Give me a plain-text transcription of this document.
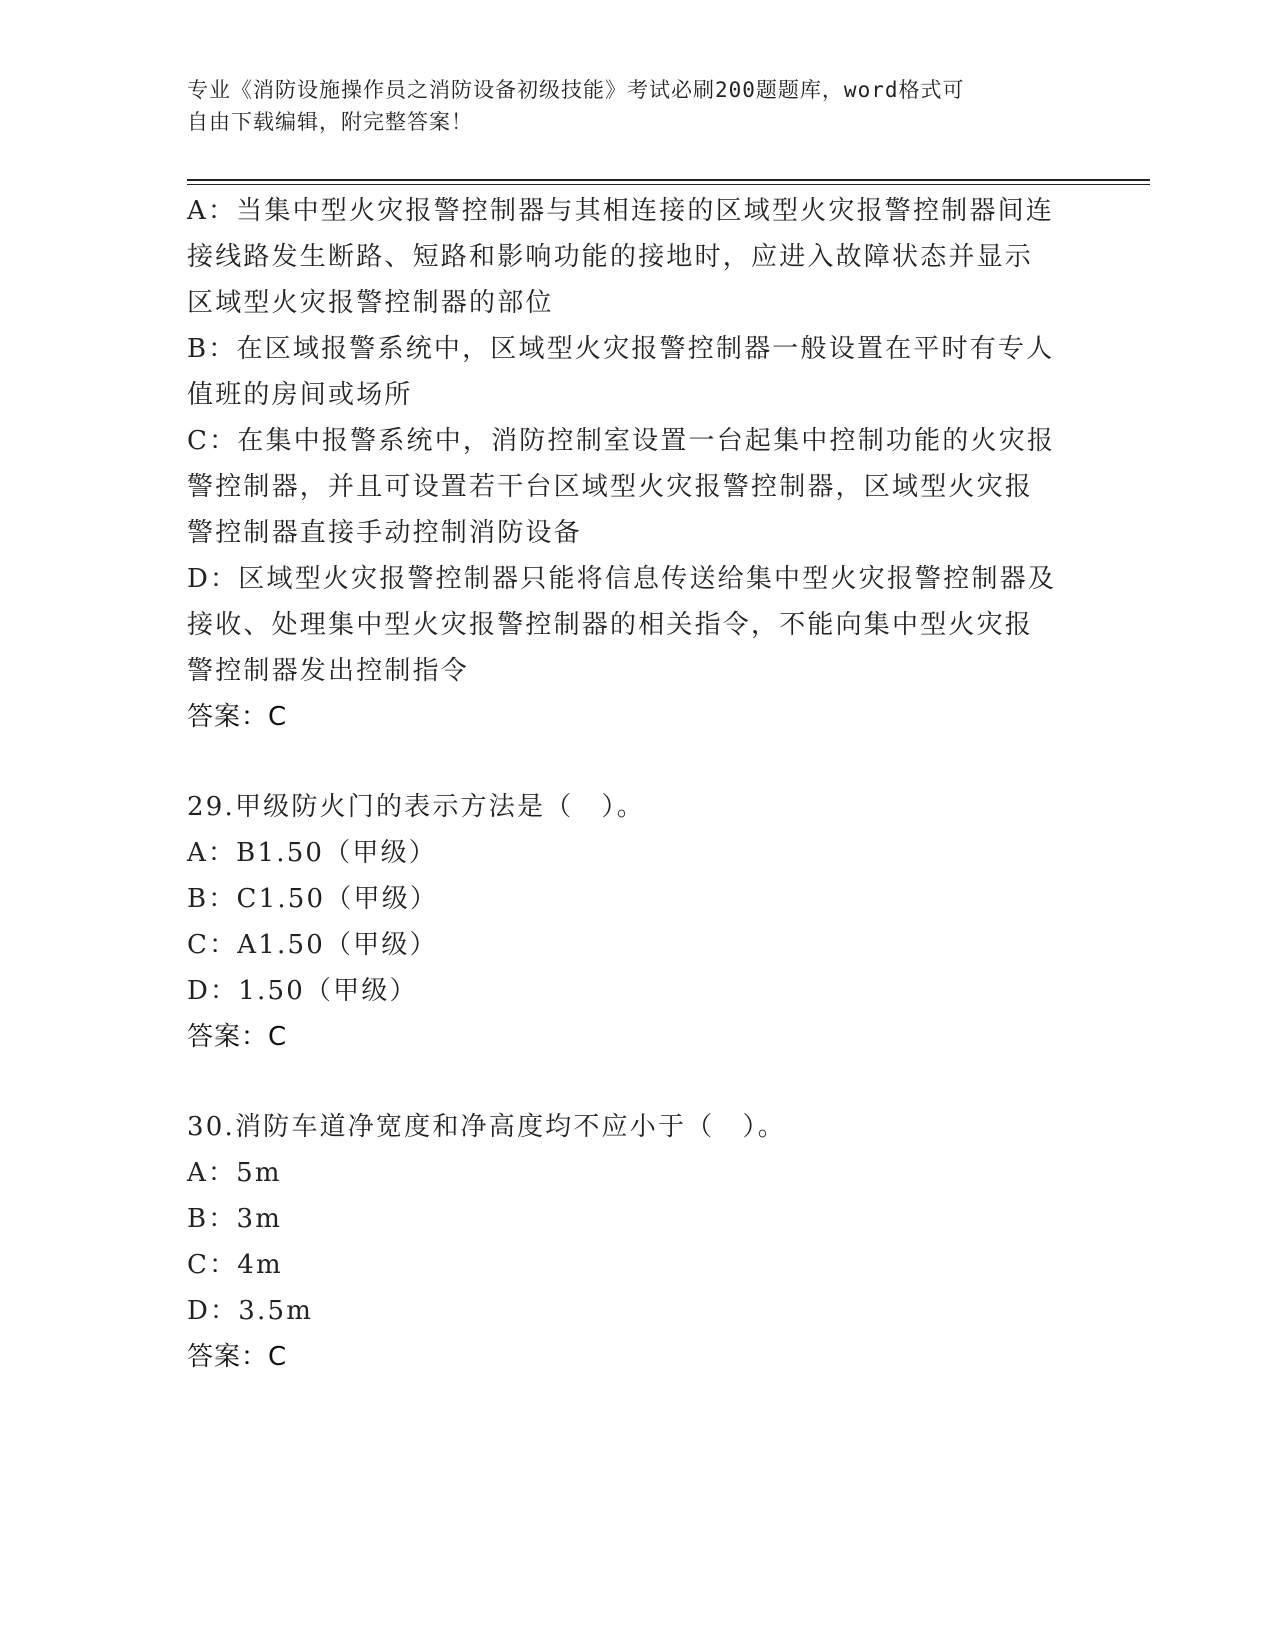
专业《消防设施操作员之消防设备初级技能》考试必刷200题题库，word格式可

自由下载编辑，附完整答案！

A：当集中型火灾报警控制器与其相连接的区域型火灾报警控制器间连
接线路发生断路、短路和影响功能的接地时，应进入故障状态并显示
区域型火灾报警控制器的部位
B：在区域报警系统中，区域型火灾报警控制器一般设置在平时有专人
值班的房间或场所
C：在集中报警系统中，消防控制室设置一台起集中控制功能的火灾报
警控制器，并且可设置若干台区域型火灾报警控制器，区域型火灾报
警控制器直接手动控制消防设备
D：区域型火灾报警控制器只能将信息传送给集中型火灾报警控制器及
接收、处理集中型火灾报警控制器的相关指令，不能向集中型火灾报
警控制器发出控制指令
答案：C
29.甲级防火门的表示方法是（　）。
A：B1.50（甲级）
B：C1.50（甲级）
C：A1.50（甲级）
D：1.50（甲级）
答案：C
30.消防车道净宽度和净高度均不应小于（　）。
A：5m
B：3m
C：4m
D：3.5m
答案：C
